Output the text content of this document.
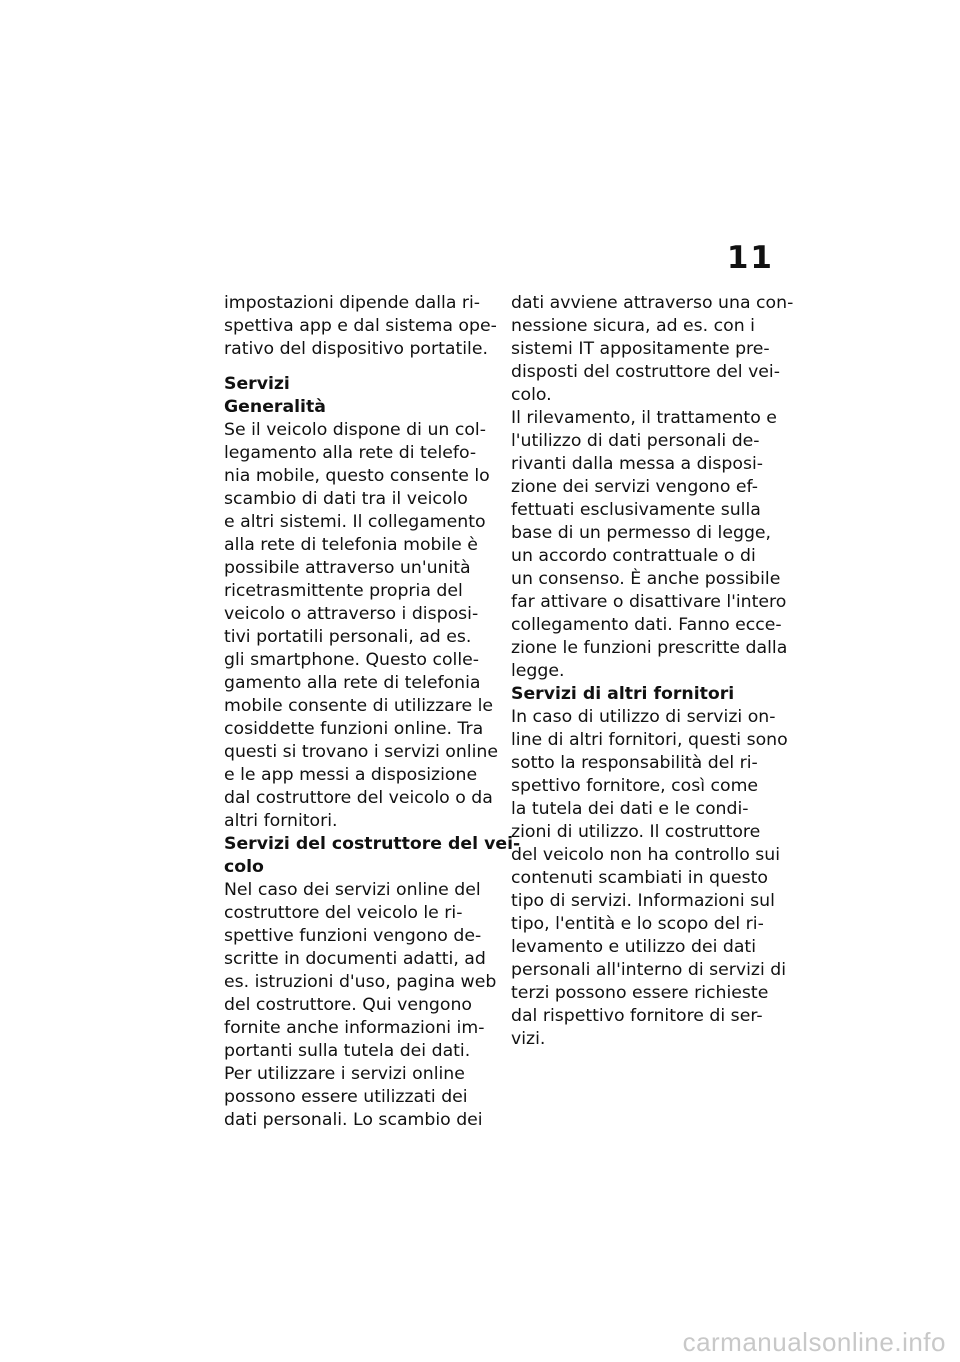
11
impostazioni dipende dalla ri-
spettiva app e dal sistema ope-
rativo del dispositivo portatile.
Servizi
Generalità
Se il veicolo dispone di un col-
legamento alla rete di telefo-
nia mobile, questo consente lo
scambio di dati tra il veicolo
e altri sistemi. Il collegamento
alla rete di telefonia mobile è
possibile attraverso un'unità
ricetrasmittente propria del
veicolo o attraverso i disposi-
tivi portatili personali, ad es.
gli smartphone. Questo colle-
gamento alla rete di telefonia
mobile consente di utilizzare le
cosiddette funzioni online. Tra
questi si trovano i servizi online
e le app messi a disposizione
dal costruttore del veicolo o da
altri fornitori.
Servizi del costruttore del vei-
colo
Nel caso dei servizi online del
costruttore del veicolo le ri-
spettive funzioni vengono de-
scritte in documenti adatti, ad
es. istruzioni d'uso, pagina web
del costruttore. Qui vengono
fornite anche informazioni im-
portanti sulla tutela dei dati.
Per utilizzare i servizi online
possono essere utilizzati dei
dati personali. Lo scambio dei
dati avviene attraverso una con-
nessione sicura, ad es. con i
sistemi IT appositamente pre-
disposti del costruttore del vei-
colo.
Il rilevamento, il trattamento e
l'utilizzo di dati personali de-
rivanti dalla messa a disposi-
zione dei servizi vengono ef-
fettuati esclusivamente sulla
base di un permesso di legge,
un accordo contrattuale o di
un consenso. È anche possibile
far attivare o disattivare l'intero
collegamento dati. Fanno ecce-
zione le funzioni prescritte dalla
legge.
Servizi di altri fornitori
In caso di utilizzo di servizi on-
line di altri fornitori, questi sono
sotto la responsabilità del ri-
spettivo fornitore, così come
la tutela dei dati e le condi-
zioni di utilizzo. Il costruttore
del veicolo non ha controllo sui
contenuti scambiati in questo
tipo di servizi. Informazioni sul
tipo, l'entità e lo scopo del ri-
levamento e utilizzo dei dati
personali all'interno di servizi di
terzi possono essere richieste
dal rispettivo fornitore di ser-
vizi.
carmanualsonline.info
